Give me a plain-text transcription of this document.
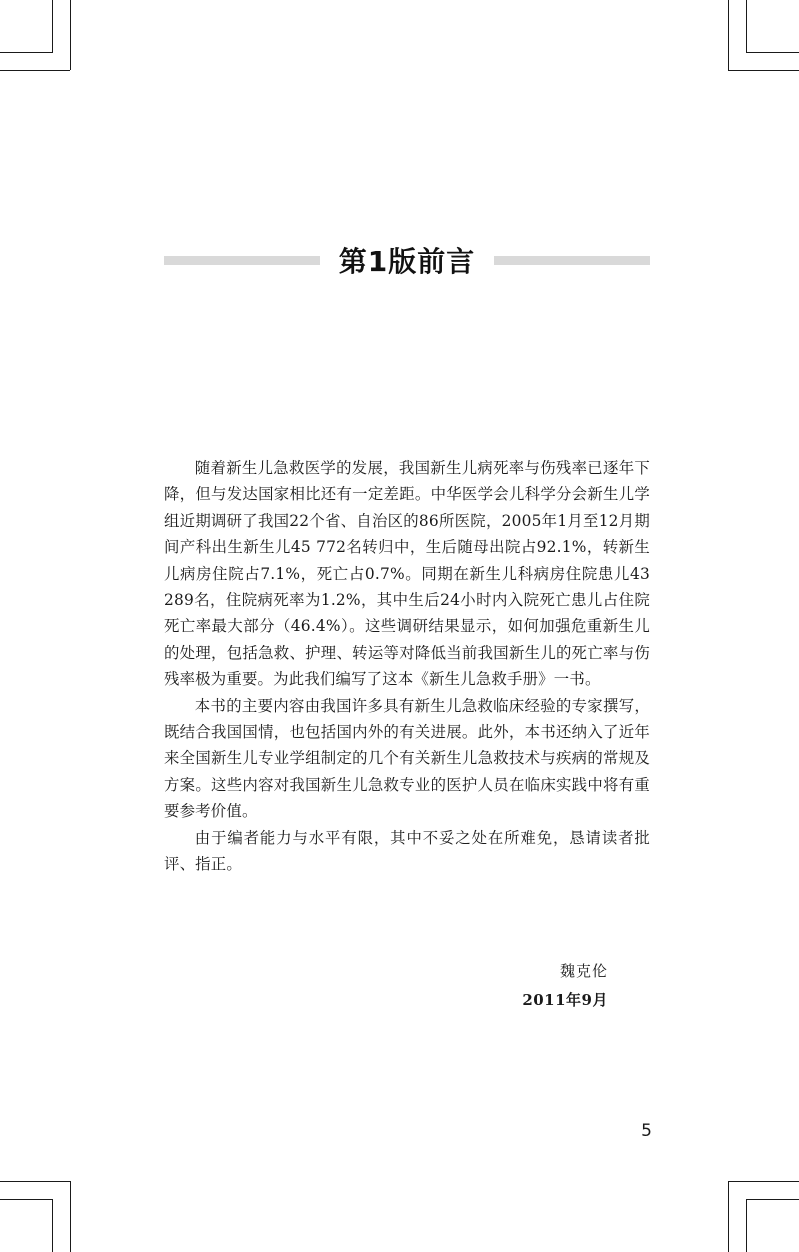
第1版前言

随着新生儿急救医学的发展，我国新生儿病死率与伤残率已逐年下降，但与发达国家相比还有一定差距。中华医学会儿科学分会新生儿学组近期调研了我国22个省、自治区的86所医院，2005年1月至12月期间产科出生新生儿45 772名转归中，生后随母出院占92.1%，转新生儿病房住院占7.1%，死亡占0.7%。同期在新生儿科病房住院患儿43 289名，住院病死率为1.2%，其中生后24小时内入院死亡患儿占住院死亡率最大部分（46.4%）。这些调研结果显示，如何加强危重新生儿的处理，包括急救、护理、转运等对降低当前我国新生儿的死亡率与伤残率极为重要。为此我们编写了这本《新生儿急救手册》一书。

本书的主要内容由我国许多具有新生儿急救临床经验的专家撰写，既结合我国国情，也包括国内外的有关进展。此外，本书还纳入了近年来全国新生儿专业学组制定的几个有关新生儿急救技术与疾病的常规及方案。这些内容对我国新生儿急救专业的医护人员在临床实践中将有重要参考价值。

由于编者能力与水平有限，其中不妥之处在所难免，恳请读者批评、指正。

魏克伦
2011年9月
5
